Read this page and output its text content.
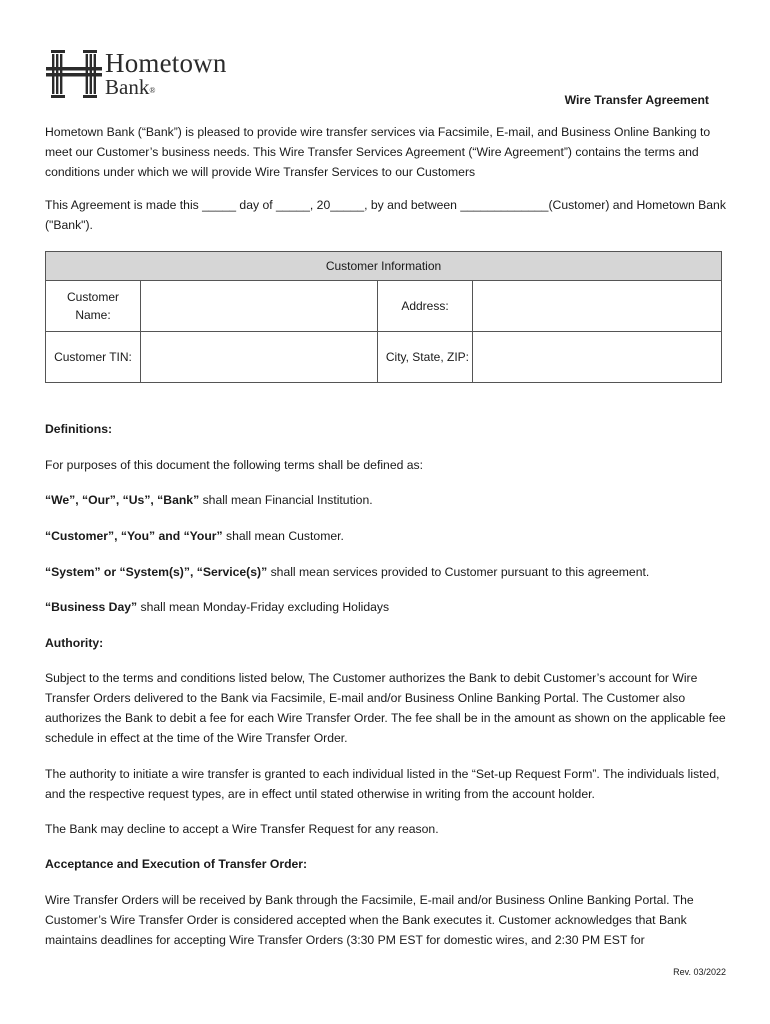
Hometown
Bank®
Wire Transfer Agreement

Hometown Bank (“Bank”) is pleased to provide wire transfer services via Facsimile, E-mail, and Business Online Banking to meet our Customer’s business needs. This Wire Transfer Services Agreement (“Wire Agreement”) contains the terms and conditions under which we will provide Wire Transfer Services to our Customers

This Agreement is made this _____ day of _____, 20_____, by and between _____________(Customer) and Hometown Bank ("Bank").

Customer Information			

Customer Name:		Address:	
Customer TIN:		City, State, ZIP:	

Definitions:

For purposes of this document the following terms shall be defined as:

“We”, “Our”, “Us”, “Bank” shall mean Financial Institution.

“Customer”, “You” and “Your” shall mean Customer.

“System” or “System(s)”, “Service(s)” shall mean services provided to Customer pursuant to this agreement.

“Business Day” shall mean Monday-Friday excluding Holidays

Authority:

Subject to the terms and conditions listed below, The Customer authorizes the Bank to debit Customer’s account for Wire Transfer Orders delivered to the Bank via Facsimile, E-mail and/or Business Online Banking Portal. The Customer also authorizes the Bank to debit a fee for each Wire Transfer Order. The fee shall be in the amount as shown on the applicable fee schedule in effect at the time of the Wire Transfer Order.

The authority to initiate a wire transfer is granted to each individual listed in the “Set-up Request Form”. The individuals listed, and the respective request types, are in effect until stated otherwise in writing from the account holder.

The Bank may decline to accept a Wire Transfer Request for any reason.

Acceptance and Execution of Transfer Order:

Wire Transfer Orders will be received by Bank through the Facsimile, E-mail and/or Business Online Banking Portal. The Customer’s Wire Transfer Order is considered accepted when the Bank executes it. Customer acknowledges that Bank maintains deadlines for accepting Wire Transfer Orders (3:30 PM EST for domestic wires, and 2:30 PM EST for

Rev. 03/2022
